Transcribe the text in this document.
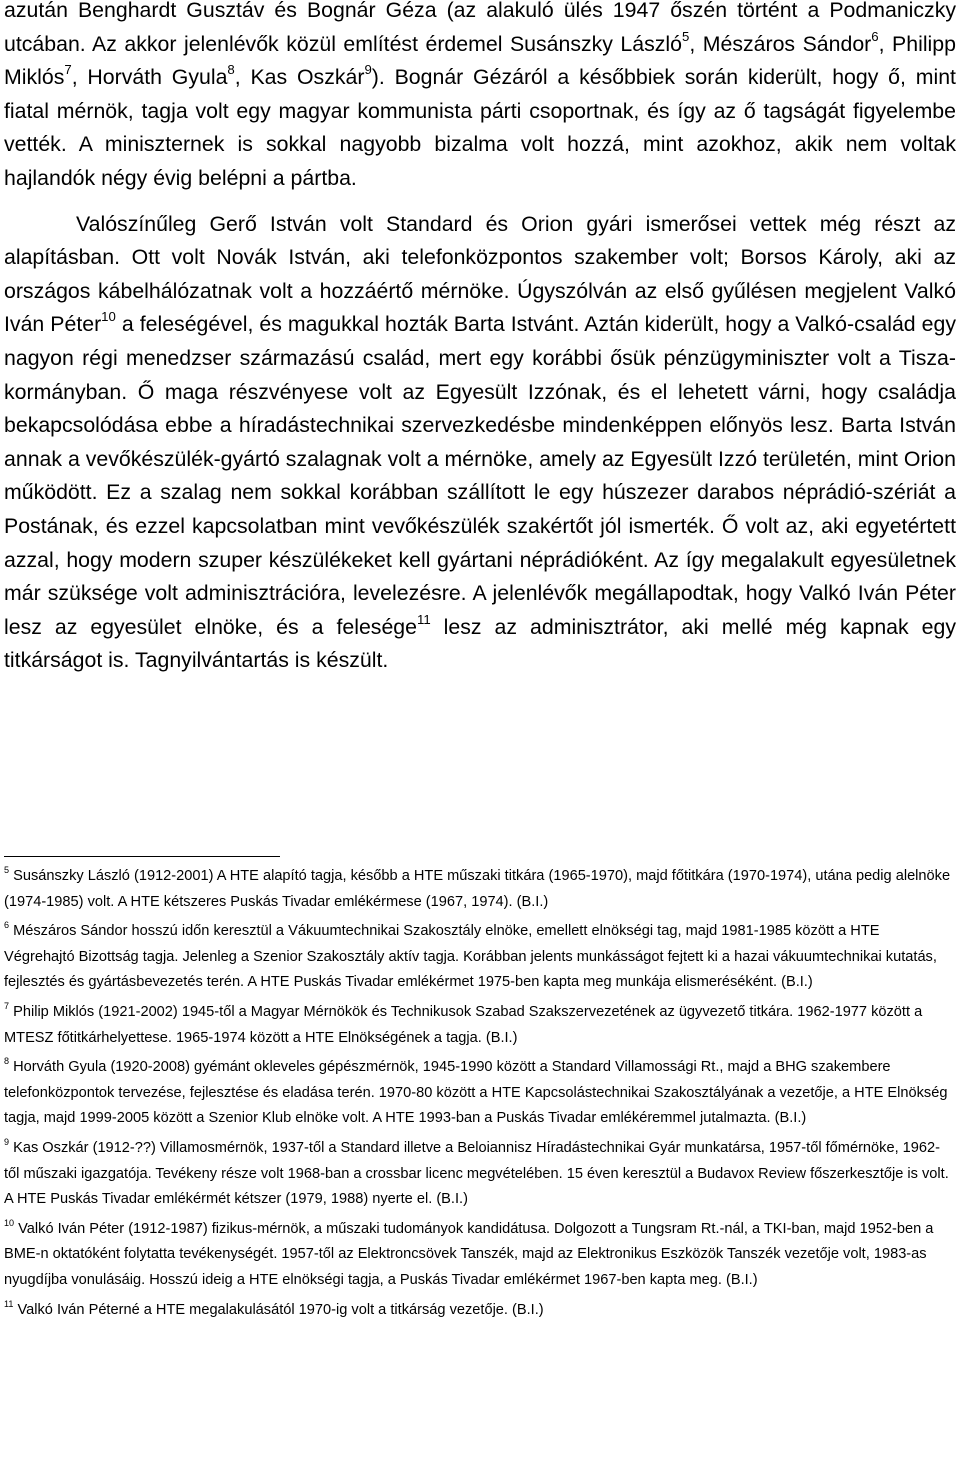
azután Benghardt Gusztáv és Bognár Géza (az alakuló ülés 1947 őszén történt a Podmaniczky utcában. Az akkor jelenlévők közül említést érdemel Susánszky László$^5$, Mészáros Sándor$^6$, Philipp Miklós$^7$, Horváth Gyula$^8$, Kas Oszkár$^9$). Bognár Gézáról a későbbiek során kiderült, hogy ő, mint fiatal mérnök, tagja volt egy magyar kommunista párti csoportnak, és így az ő tagságát figyelembe vették. A miniszternek is sokkal nagyobb bizalma volt hozzá, mint azokhoz, akik nem voltak hajlandók négy évig belépni a pártba.

Valószínűleg Gerő István volt Standard és Orion gyári ismerősei vettek még részt az alapításban. Ott volt Novák István, aki telefonközpontos szakember volt; Borsos Károly, aki az országos kábelhálózatnak volt a hozzáértő mérnöke. Úgyszólván az első gyűlésen megjelent Valkó Iván Péter$^{10}$ a feleségével, és magukkal hozták Barta Istvánt. Aztán kiderült, hogy a Valkó-család egy nagyon régi menedzser származású család, mert egy korábbi ősük pénzügyminiszter volt a Tisza-kormányban. Ő maga részvényese volt az Egyesült Izzónak, és el lehetett várni, hogy családja bekapcsolódása ebbe a híradástechnikai szervezkedésbe mindenképpen előnyös lesz. Barta István annak a vevőkészülék-gyártó szalagnak volt a mérnöke, amely az Egyesült Izzó területén, mint Orion működött. Ez a szalag nem sokkal korábban szállított le egy húszezer darabos néprádió-szériát a Postának, és ezzel kapcsolatban mint vevőkészülék szakértőt jól ismerték. Ő volt az, aki egyetértett azzal, hogy modern szuper készülékeket kell gyártani néprádióként. Az így megalakult egyesületnek már szüksége volt adminisztrációra, levelezésre. A jelenlévők megállapodtak, hogy Valkó Iván Péter lesz az egyesület elnöke, és a felesége$^{11}$ lesz az adminisztrátor, aki mellé még kapnak egy titkárságot is. Tagnyilvántartás is készült.

$^5$ Susánszky László (1912-2001) A HTE alapító tagja, később a HTE műszaki titkára (1965-1970), majd főtitkára (1970-1974), utána pedig alelnöke (1974-1985) volt. A HTE kétszeres Puskás Tivadar emlékérmese (1967, 1974). (B.I.)

$^6$ Mészáros Sándor hosszú időn keresztül a Vákuumtechnikai Szakosztály elnöke, emellett elnökségi tag, majd 1981-1985 között a HTE Végrehajtó Bizottság tagja. Jelenleg a Szenior Szakosztály aktív tagja. Korábban jelents munkásságot fejtett ki a hazai vákuumtechnikai kutatás, fejlesztés és gyártásbevezetés terén. A HTE Puskás Tivadar emlékérmet 1975-ben kapta meg munkája elismeréséként. (B.I.)

$^7$ Philip Miklós (1921-2002) 1945-től a Magyar Mérnökök és Technikusok Szabad Szakszervezetének az ügyvezető titkára. 1962-1977 között a MTESZ főtitkárhelyettese. 1965-1974 között a HTE Elnökségének a tagja. (B.I.)

$^8$ Horváth Gyula (1920-2008) gyémánt okleveles gépészmérnök, 1945-1990 között a Standard Villamossági Rt., majd a BHG szakembere telefonközpontok tervezése, fejlesztése és eladása terén. 1970-80 között a HTE Kapcsolástechnikai Szakosztályának a vezetője, a HTE Elnökség tagja, majd 1999-2005 között a Szenior Klub elnöke volt. A HTE 1993-ban a Puskás Tivadar emlékéremmel jutalmazta. (B.I.)

$^9$ Kas Oszkár (1912-??) Villamosmérnök, 1937-től a Standard illetve a Beloiannisz Híradástechnikai Gyár munkatársa, 1957-től főmérnöke, 1962-től műszaki igazgatója. Tevékeny része volt 1968-ban a crossbar licenc megvételében. 15 éven keresztül a Budavox Review főszerkesztője is volt. A HTE Puskás Tivadar emlékérmét kétszer (1979, 1988) nyerte el. (B.I.)

$^{10}$ Valkó Iván Péter (1912-1987) fizikus-mérnök, a műszaki tudományok kandidátusa. Dolgozott a Tungsram Rt.-nál, a TKI-ban, majd 1952-ben a BME-n oktatóként folytatta tevékenységét. 1957-től az Elektroncsövek Tanszék, majd az Elektronikus Eszközök Tanszék vezetője volt, 1983-as nyugdíjba vonulásáig. Hosszú ideig a HTE elnökségi tagja, a Puskás Tivadar emlékérmet 1967-ben kapta meg. (B.I.)

$^{11}$ Valkó Iván Péterné a HTE megalakulásától 1970-ig volt a titkárság vezetője. (B.I.)
